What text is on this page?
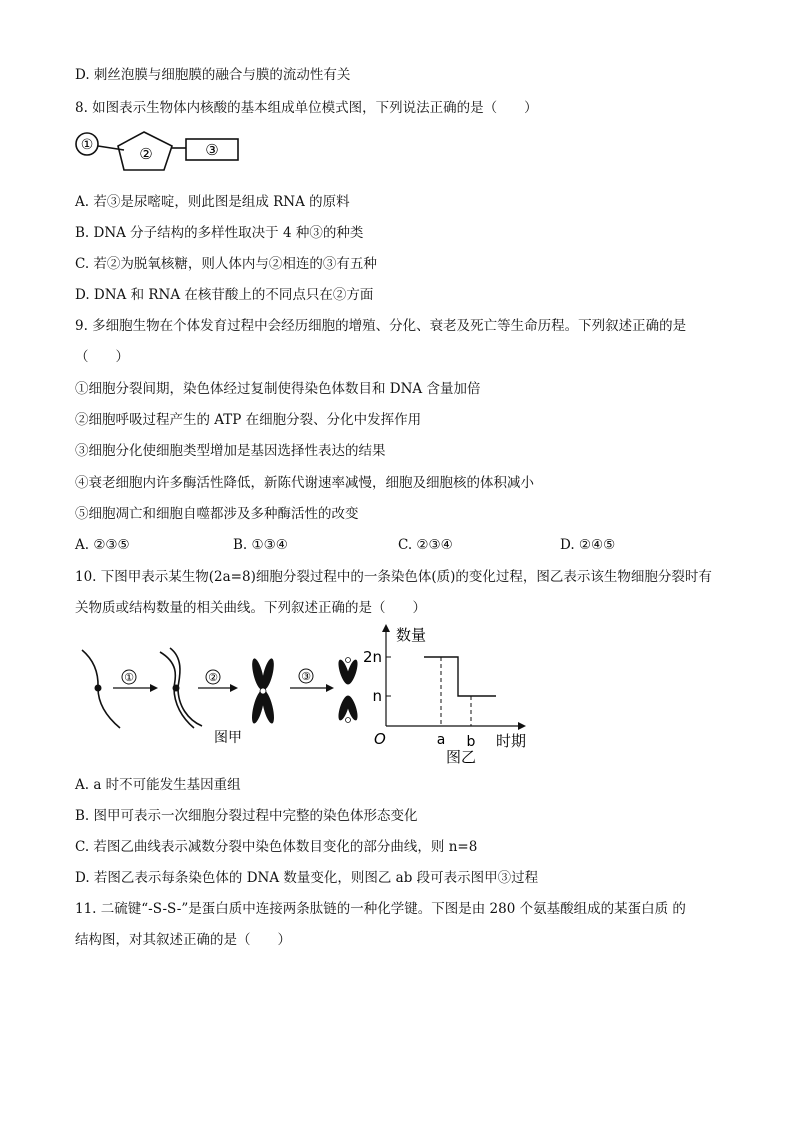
D. 刺丝泡膜与细胞膜的融合与膜的流动性有关
8. 如图表示生物体内核酸的基本组成单位模式图，下列说法正确的是（　　）
①	②	③
A. 若③是尿嘧啶，则此图是组成 RNA 的原料
B. DNA 分子结构的多样性取决于 4 种③的种类
C. 若②为脱氧核糖，则人体内与②相连的③有五种
D. DNA 和 RNA 在核苷酸上的不同点只在②方面
9. 多细胞生物在个体发育过程中会经历细胞的增殖、分化、衰老及死亡等生命历程。下列叙述正确的是
（　　）
①细胞分裂间期，染色体经过复制使得染色体数目和 DNA 含量加倍
②细胞呼吸过程产生的 ATP 在细胞分裂、分化中发挥作用
③细胞分化使细胞类型增加是基因选择性表达的结果
④衰老细胞内许多酶活性降低，新陈代谢速率减慢，细胞及细胞核的体积减小
⑤细胞凋亡和细胞自噬都涉及多种酶活性的改变
A. ②③⑤	B. ①③④	C. ②③④	D. ②④⑤
10. 下图甲表示某生物(2a=8)细胞分裂过程中的一条染色体(质)的变化过程，图乙表示该生物细胞分裂时有
关物质或结构数量的相关曲线。下列叙述正确的是（　　）
①	②	③
图甲
数量
时期
O
2n
n
a b
图乙
A. a 时不可能发生基因重组
B. 图甲可表示一次细胞分裂过程中完整的染色体形态变化
C. 若图乙曲线表示减数分裂中染色体数目变化的部分曲线，则 n=8
D. 若图乙表示每条染色体的 DNA 数量变化，则图乙 ab 段可表示图甲③过程
11. 二硫键“-S-S-”是蛋白质中连接两条肽链的一种化学键。下图是由 280 个氨基酸组成的某蛋白质 的
结构图，对其叙述正确的是（　　）
